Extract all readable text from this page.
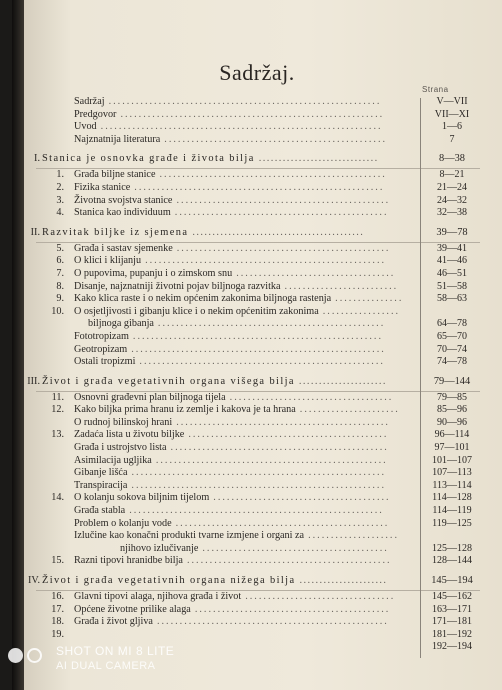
Sadržaj.
Strana
Sadržaj	V—VII
............................................................
Predgovor	VII—XI
..........................................................
Uvod	1—6
..............................................................
Najznatnija literatura	7
.................................................
I. Stanica je osnovka građe i života bilja	8—38
..............................
1. Građa biljne stanice	8—21
..................................................
2. Fizika stanice	21—24
.......................................................
3. Životna svojstva stanice	24—32
...............................................
4. Stanica kao individuum	32—38
...............................................
II. Razvitak biljke iz sjemena	39—78
...........................................
5. Građa i sastav sjemenke	39—41
...............................................
6. O klici i klijanju	41—46
.....................................................
7. O pupovima, pupanju i o zimskom snu	46—51
...................................
8. Disanje, najznatniji životni pojav biljnoga razvitka	51—58
.........................
9. Kako klica raste i o nekim općenim zakonima biljnoga rastenja	58—63
...............
10. O osjetljivosti i gibanju klice i o nekim općenitim zakonima .................
biljnoga gibanja	64—78
..................................................
Fototropizam	65—70
.......................................................
Geotropizam	70—74
........................................................
Ostali tropizmi	74—78
......................................................
III. Život i građa vegetativnih organa višega bilja	79—144
......................
11. Osnovni građevni plan biljnoga tijela	79—85
....................................
12. Kako biljka prima hranu iz zemlje i kakova je ta hrana	85—96
......................
O rudnoj bilinskoj hrani	90—96
...............................................
13. Zadaća lista u životu biljke	96—114
............................................
Građa i ustrojstvo lista	97—101
................................................
Asimilacija ugljika	101—107
...................................................
Gibanje lišća	107—113
........................................................
Transpiracija	113—114
........................................................
14. O kolanju sokova biljnim tijelom	114—128
.......................................
Građa stabla	114—119
........................................................
Problem o kolanju vode	119—125
...............................................
Izlučine kao konačni produkti tvarne izmjene i organi za ....................
njihovo izlučivanje	125—128
.........................................
15. Razni tipovi hranidbe bilja	128—144
.............................................
IV. Život i građa vegetativnih organa nižega bilja	145—194
......................
16. Glavni tipovi alaga, njihova građa i život	145—162
.................................
17. Općene životne prilike alaga	163—171
...........................................
18. Građa i život gljiva	171—181
...................................................
19.	181—192
192—194
SHOT ON MI 8 LITE
AI DUAL CAMERA
